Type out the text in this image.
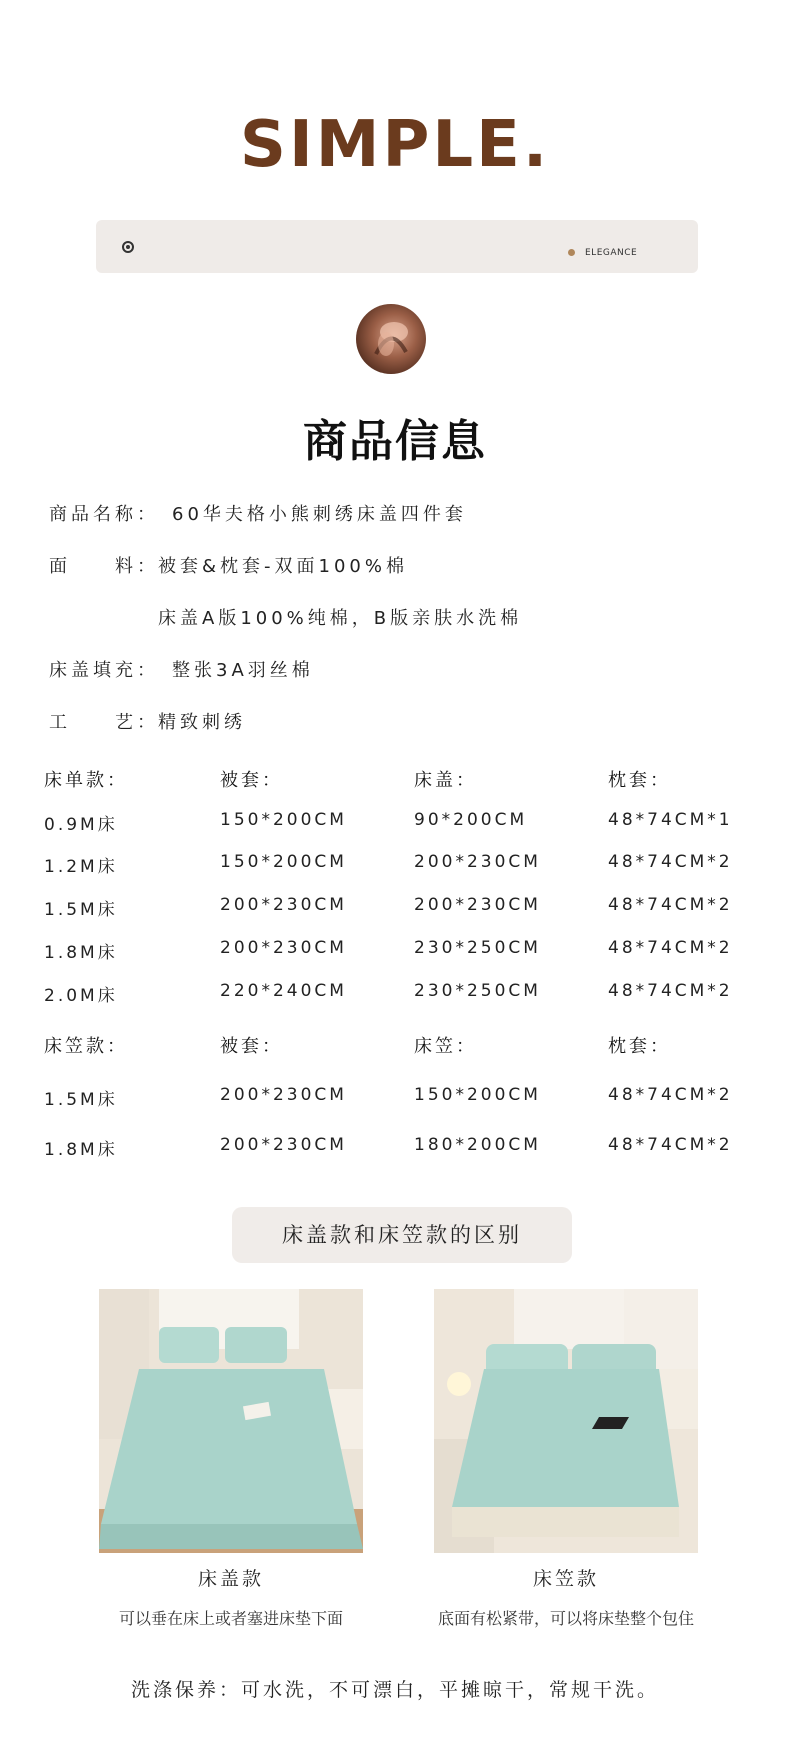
SIMPLE.
ELEGANCE
商品信息
商品名称： 60华夫格小熊刺绣床盖四件套
面　　料： 被套&枕套-双面100%棉
床盖A版100%纯棉，B版亲肤水洗棉
床盖填充： 整张3A羽丝棉
工　　艺： 精致刺绣
床单款：	被套：	床盖：	枕套：
0.9M床	150*200CM	90*200CM	48*74CM*1
1.2M床	150*200CM	200*230CM	48*74CM*2
1.5M床	200*230CM	200*230CM	48*74CM*2
1.8M床	200*230CM	230*250CM	48*74CM*2
2.0M床	220*240CM	230*250CM	48*74CM*2
床笠款：	被套：	床笠：	枕套：
1.5M床	200*230CM	150*200CM	48*74CM*2
1.8M床	200*230CM	180*200CM	48*74CM*2
床盖款和床笠款的区别
床盖款
可以垂在床上或者塞进床垫下面
床笠款
底面有松紧带，可以将床垫整个包住
洗涤保养：可水洗，不可漂白，平摊晾干，常规干洗。
